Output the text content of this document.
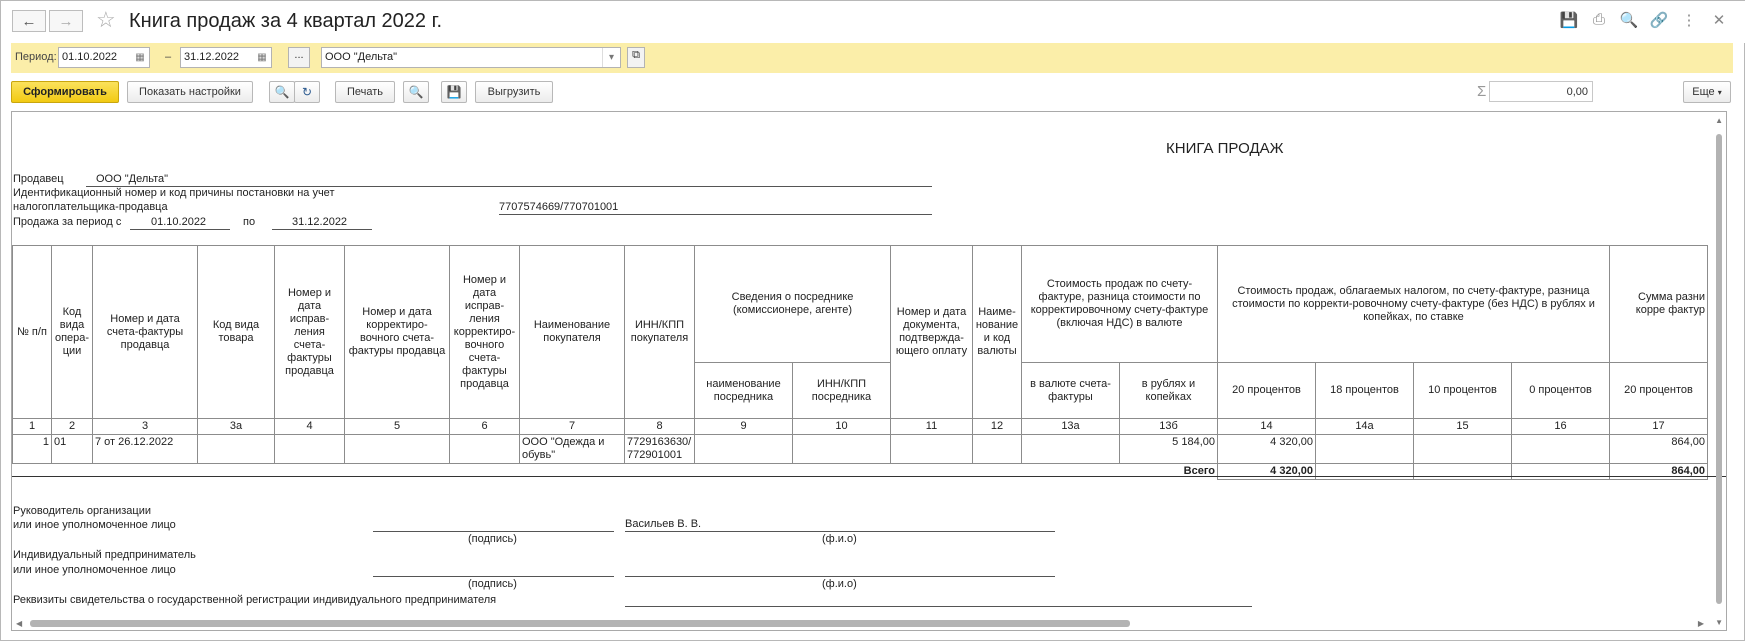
← → ☆ Книга продаж за 4 квартал 2022 г.	💾 ⎙ 🔍 🔗 ⋮	✕
Период: 01.10.2022	▦	–	31.12.2022	▦	...	ООО "Дельта"	▾	⧉
Сформировать	Показать настройки	🔍 ↻	Печать	🔍 💾	Выгрузить	Σ	0,00	Еще
▾
КНИГА ПРОДАЖ
Продавец	ООО "Дельта"
Идентификационный номер и код причины постановки на учет
налогоплательщика-продавца	7707574669/770701001
Продажа за период с	01.10.2022	по	31.12.2022
№ п/п	Код вида опера-ции	Номер и дата счета-фактуры продавца	Код вида товара	Номер и дата исправ-ления счета-фактуры продавца	Номер и дата корректиро-вочного счета-фактуры продавца	Номер и дата исправ-ления корректиро-вочного счета-фактуры продавца	Наименование покупателя	ИНН/КПП покупателя	Сведения о посреднике (комиссионере, агенте)		Номер и дата документа, подтвержда-ющего оплату	Наиме-нование и код валюты	Стоимость продаж по счету-фактуре, разница стоимости по корректировочному счету-фактуре (включая НДС) в валюте		Стоимость продаж, облагаемых налогом, по счету-фактуре, разница стоимости по корректи-ровочному счету-фактуре (без НДС) в рублях и копейках, по ставке				Сумма разни корре фактур
									наименование посредника	ИНН/КПП посредника			в валюте счета-фактуры	в рублях и копейках	20 процентов	18 процентов	10 процентов	0 процентов	20 процентов
1	2	3	3а	4	5	6	7	8	9	10	11	12	13а	13б	14	14а	15	16	17
1	01	7 от 26.12.2022					ООО "Одежда и обувь"	7729163630/ 772901001						5 184,00	4 320,00				864,00
Всего															4 320,00				864,00
Руководитель организации
или иное уполномоченное лицо	Васильев В. В.
(подпись)	(ф.и.о)
Индивидуальный предприниматель
или иное уполномоченное лицо
(подпись)	(ф.и.о)
Реквизиты свидетельства о государственной регистрации индивидуального предпринимателя
▲
▼
◀	▶
